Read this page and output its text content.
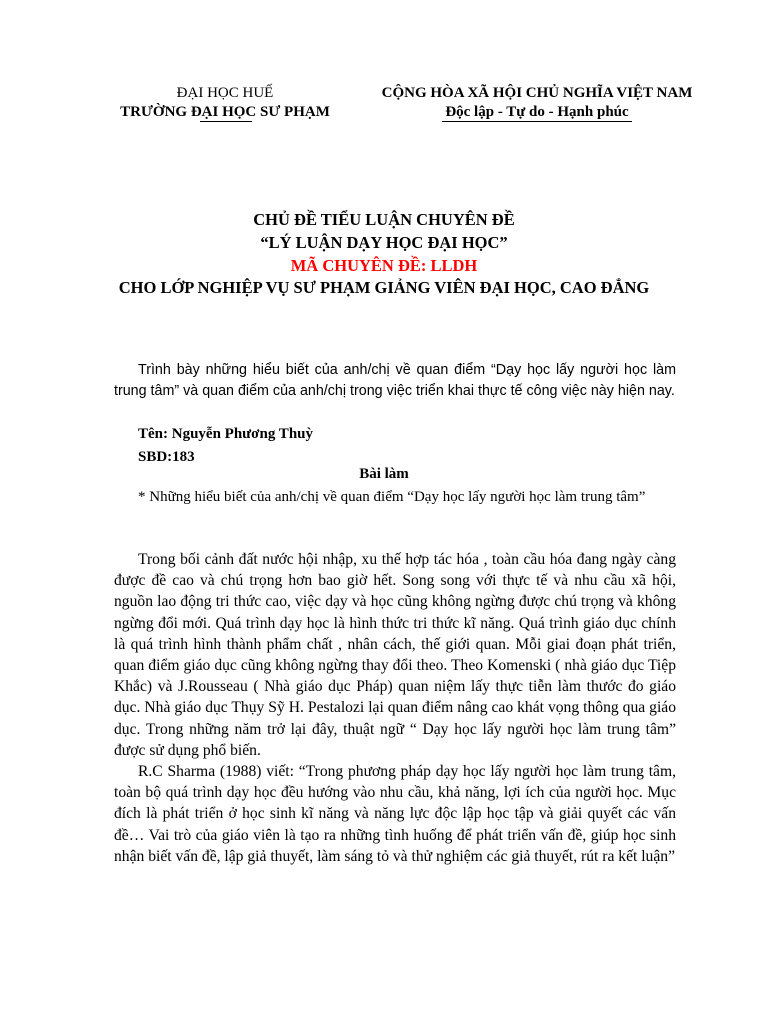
ĐẠI HỌC HUẾ
TRƯỜNG ĐẠI HỌC SƯ PHẠM
CỘNG HÒA XÃ HỘI CHỦ NGHĨA VIỆT NAM
Độc lập - Tự do - Hạnh phúc
CHỦ ĐỀ TIỂU LUẬN CHUYÊN ĐỀ
“LÝ LUẬN DẠY HỌC ĐẠI HỌC”
MÃ CHUYÊN ĐỀ: LLDH
CHO LỚP NGHIỆP VỤ SƯ PHẠM GIẢNG VIÊN ĐẠI HỌC, CAO ĐẲNG
Trình bày những hiểu biết của anh/chị về quan điểm “Dạy học lấy người học làm trung tâm” và quan điểm của anh/chị trong việc triển khai thực tế công việc này hiện nay.
Tên: Nguyễn Phương Thuỳ
SBD:183
Bài làm
* Những hiểu biết của anh/chị về quan điểm “Dạy học lấy người học làm trung tâm”

Trong bối cảnh đất nước hội nhập, xu thế hợp tác hóa , toàn cầu hóa đang ngày càng được đề cao và chú trọng hơn bao giờ hết. Song song với thực tế và nhu cầu xã hội, nguồn lao động tri thức cao, việc dạy và học cũng không ngừng được chú trọng và không ngừng đổi mới. Quá trình dạy học là hình thức tri thức kĩ năng. Quá trình giáo dục chính là quá trình hình thành phẩm chất , nhân cách, thế giới quan. Mỗi giai đoạn phát triển, quan điểm giáo dục cũng không ngừng thay đổi theo. Theo Komenski ( nhà giáo dục Tiệp Khắc) và J.Rousseau ( Nhà giáo dục Pháp) quan niệm lấy thực tiễn làm thước đo giáo dục. Nhà giáo dục Thụy Sỹ H. Pestalozi lại quan điểm nâng cao khát vọng thông qua giáo dục. Trong những năm trở lại đây, thuật ngữ “ Dạy học lấy người học làm trung tâm” được sử dụng phổ biến.

R.C Sharma (1988) viết: “Trong phương pháp dạy học lấy người học làm trung tâm, toàn bộ quá trình dạy học đều hướng vào nhu cầu, khả năng, lợi ích của người học. Mục đích là phát triển ở học sinh kĩ năng và năng lực độc lập học tập và giải quyết các vấn đề… Vai trò của giáo viên là tạo ra những tình huống để phát triển vấn đề, giúp học sinh nhận biết vấn đề, lập giả thuyết, làm sáng tỏ và thử nghiệm các giả thuyết, rút ra kết luận”
